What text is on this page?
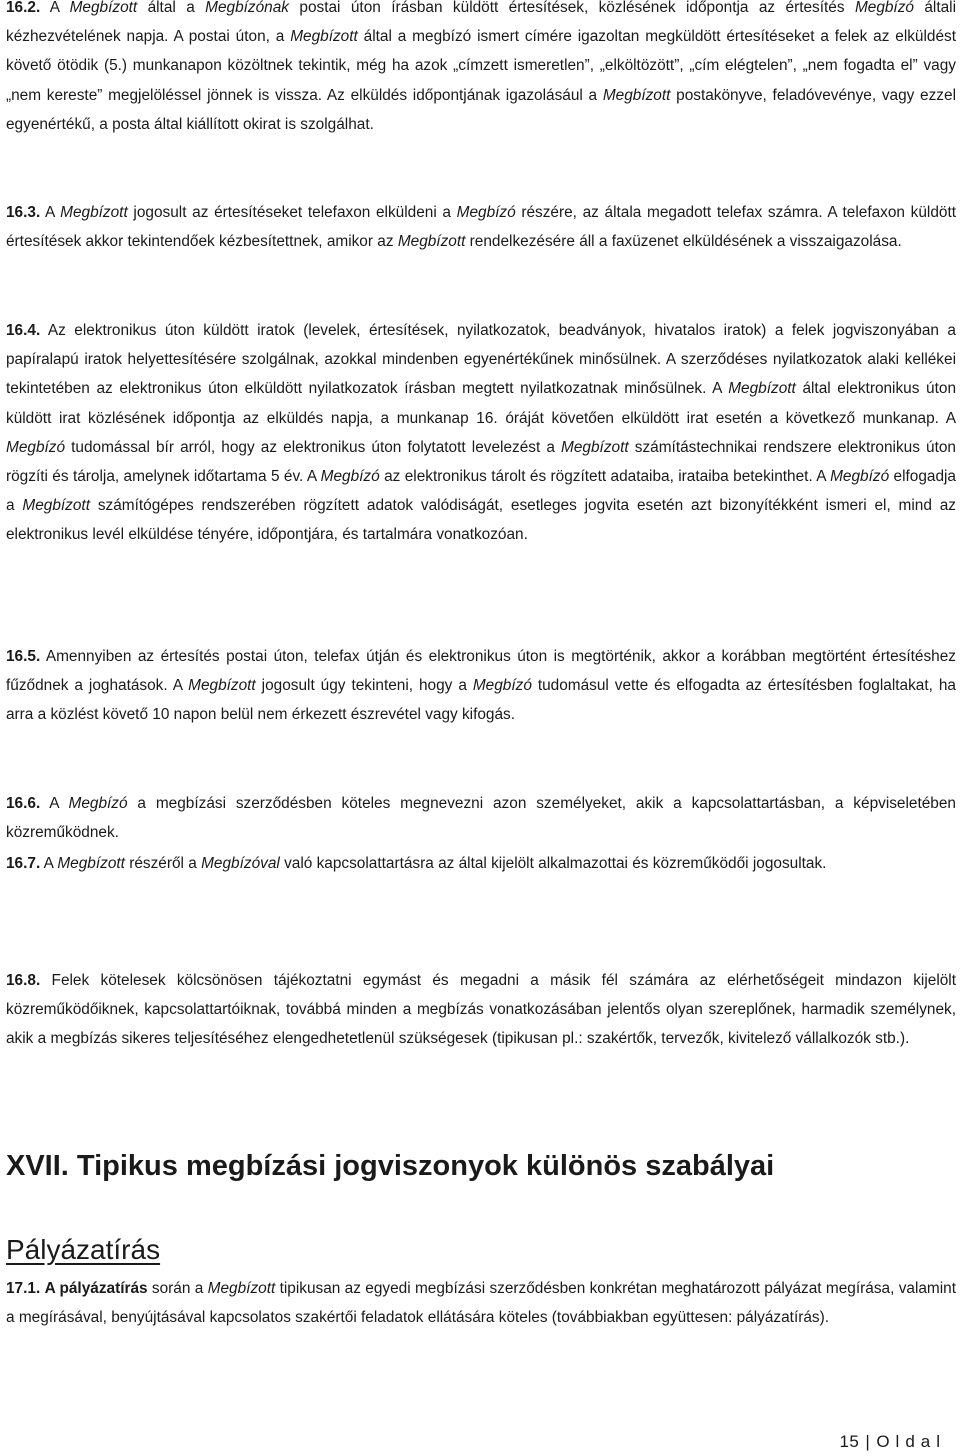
16.2. A Megbízott által a Megbízónak postai úton írásban küldött értesítések, közlésének időpontja az értesítés Megbízó általi kézhezvételének napja. A postai úton, a Megbízott által a megbízó ismert címére igazoltan megküldött értesítéseket a felek az elküldést követő ötödik (5.) munkanapon közöltnek tekintik, még ha azok „címzett ismeretlen”, „elköltözött”, „cím elégtelen”, „nem fogadta el” vagy „nem kereste” megjelöléssel jönnek is vissza. Az elküldés időpontjának igazolásául a Megbízott postakönyve, feladóvevénye, vagy ezzel egyenértékű, a posta által kiállított okirat is szolgálhat.

16.3. A Megbízott jogosult az értesítéseket telefaxon elküldeni a Megbízó részére, az általa megadott telefax számra. A telefaxon küldött értesítések akkor tekintendőek kézbesítettnek, amikor az Megbízott rendelkezésére áll a faxüzenet elküldésének a visszaigazolása.

16.4. Az elektronikus úton küldött iratok (levelek, értesítések, nyilatkozatok, beadványok, hivatalos iratok) a felek jogviszonyában a papíralapú iratok helyettesítésére szolgálnak, azokkal mindenben egyenértékűnek minősülnek. A szerződéses nyilatkozatok alaki kellékei tekintetében az elektronikus úton elküldött nyilatkozatok írásban megtett nyilatkozatnak minősülnek. A Megbízott által elektronikus úton küldött irat közlésének időpontja az elküldés napja, a munkanap 16. óráját követően elküldött irat esetén a következő munkanap. A Megbízó tudomással bír arról, hogy az elektronikus úton folytatott levelezést a Megbízott számítástechnikai rendszere elektronikus úton rögzíti és tárolja, amelynek időtartama 5 év. A Megbízó az elektronikus tárolt és rögzített adataiba, irataiba betekinthet. A Megbízó elfogadja a Megbízott számítógépes rendszerében rögzített adatok valódiságát, esetleges jogvita esetén azt bizonyítékként ismeri el, mind az elektronikus levél elküldése tényére, időpontjára, és tartalmára vonatkozóan.

16.5. Amennyiben az értesítés postai úton, telefax útján és elektronikus úton is megtörténik, akkor a korábban megtörtént értesítéshez fűződnek a joghatások. A Megbízott jogosult úgy tekinteni, hogy a Megbízó tudomásul vette és elfogadta az értesítésben foglaltakat, ha arra a közlést követő 10 napon belül nem érkezett észrevétel vagy kifogás.

16.6. A Megbízó a megbízási szerződésben köteles megnevezni azon személyeket, akik a kapcsolattartásban, a képviseletében közreműködnek.

16.7. A Megbízott részéről a Megbízóval való kapcsolattartásra az által kijelölt alkalmazottai és közreműködői jogosultak.

16.8. Felek kötelesek kölcsönösen tájékoztatni egymást és megadni a másik fél számára az elérhetőségeit mindazon kijelölt közreműködőiknek, kapcsolattartóiknak, továbbá minden a megbízás vonatkozásában jelentős olyan szereplőnek, harmadik személynek, akik a megbízás sikeres teljesítéséhez elengedhetetlenül szükségesek (tipikusan pl.: szakértők, tervezők, kivitelező vállalkozók stb.).

XVII. Tipikus megbízási jogviszonyok különös szabályai
Pályázatírás

17.1. A pályázatírás során a Megbízott tipikusan az egyedi megbízási szerződésben konkrétan meghatározott pályázat megírása, valamint a megírásával, benyújtásával kapcsolatos szakértői feladatok ellátására köteles (továbbiakban együttesen: pályázatírás).

15 | Oldal
